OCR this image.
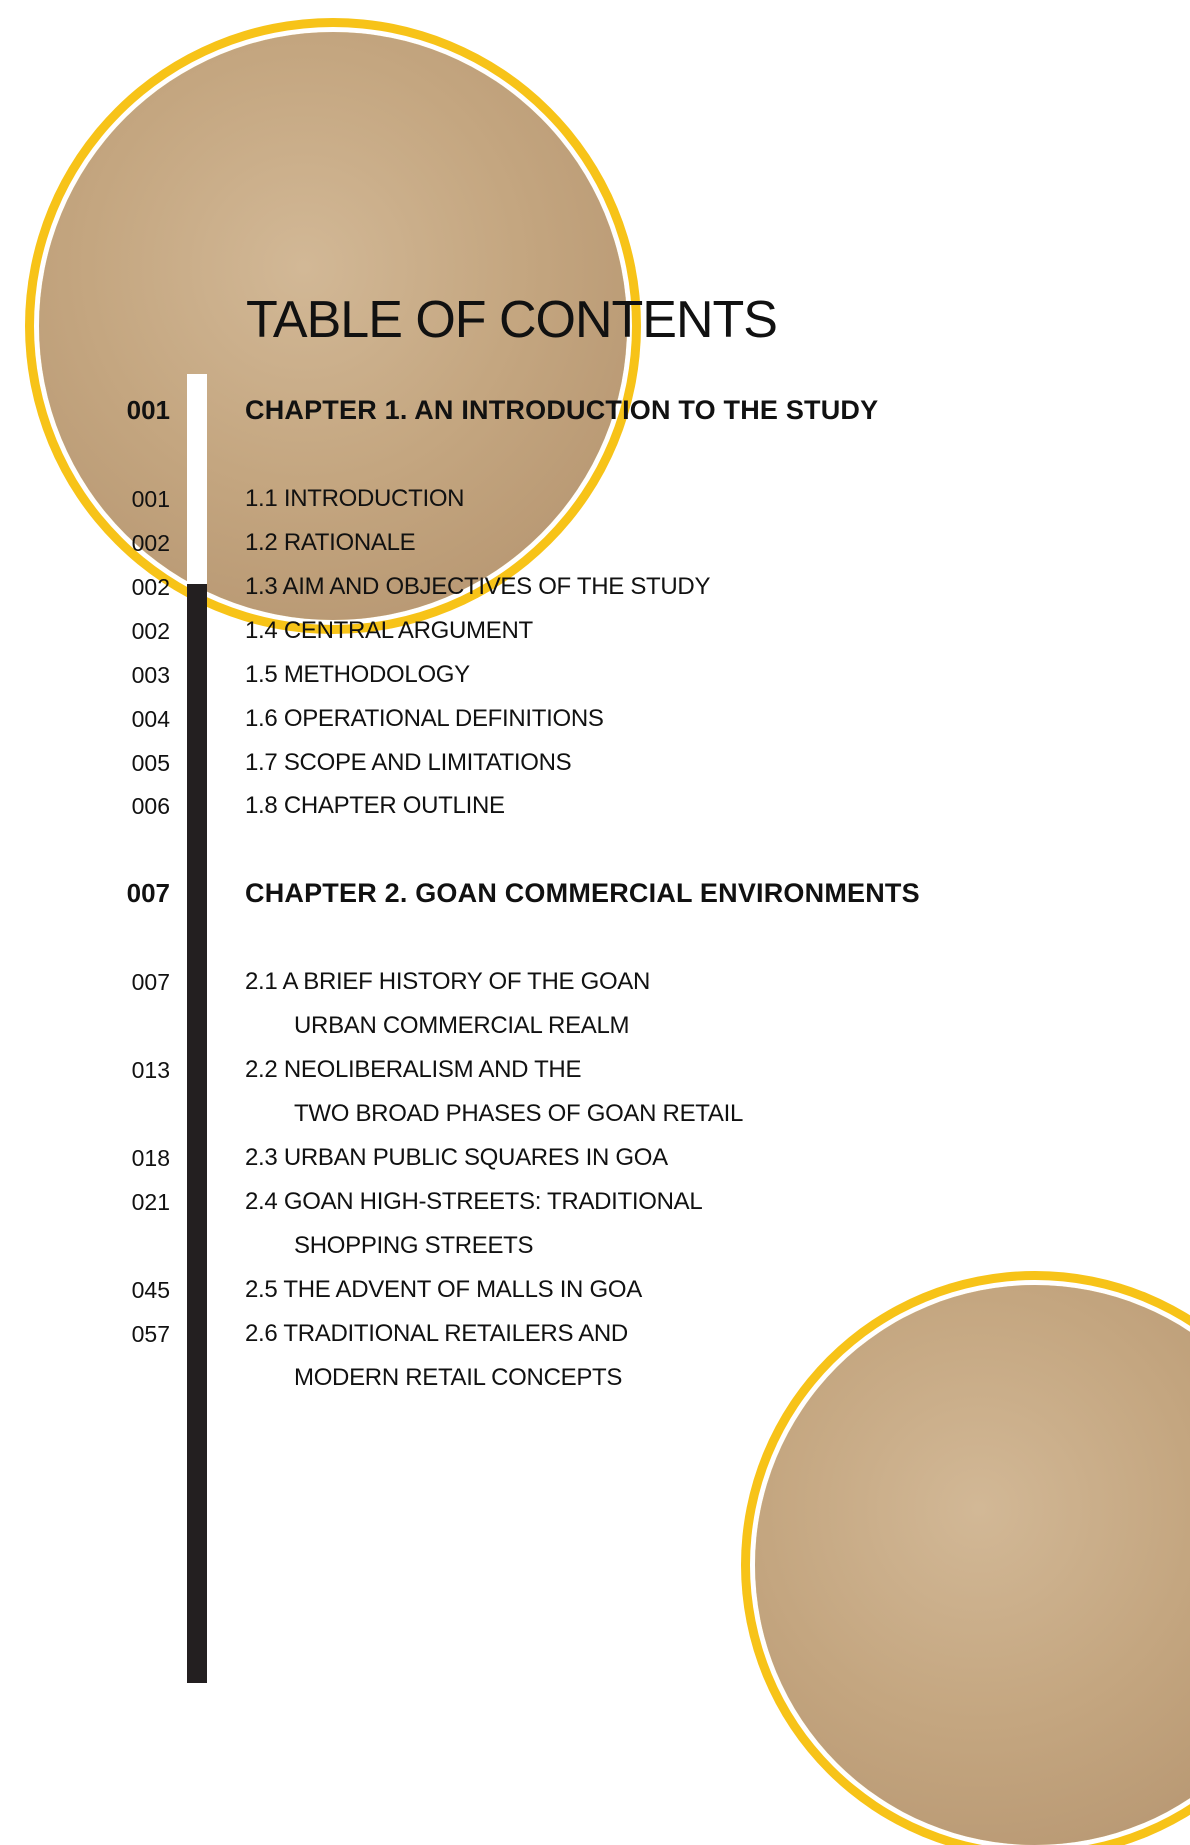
TABLE OF CONTENTS
001	CHAPTER 1. AN INTRODUCTION TO THE STUDY
001	1.1 INTRODUCTION
002	1.2 RATIONALE
002	1.3 AIM AND OBJECTIVES OF THE STUDY
002	1.4 CENTRAL ARGUMENT
003	1.5 METHODOLOGY
004	1.6 OPERATIONAL DEFINITIONS
005	1.7 SCOPE AND LIMITATIONS
006	1.8 CHAPTER OUTLINE
007	CHAPTER 2. GOAN COMMERCIAL ENVIRONMENTS
007	2.1 A BRIEF HISTORY OF THE GOAN
URBAN COMMERCIAL REALM
013	2.2 NEOLIBERALISM AND THE
TWO BROAD PHASES OF GOAN RETAIL
018	2.3 URBAN PUBLIC SQUARES IN GOA
021	2.4 GOAN HIGH-STREETS: TRADITIONAL
SHOPPING STREETS
045	2.5 THE ADVENT OF MALLS IN GOA
057	2.6 TRADITIONAL RETAILERS AND
MODERN RETAIL CONCEPTS
